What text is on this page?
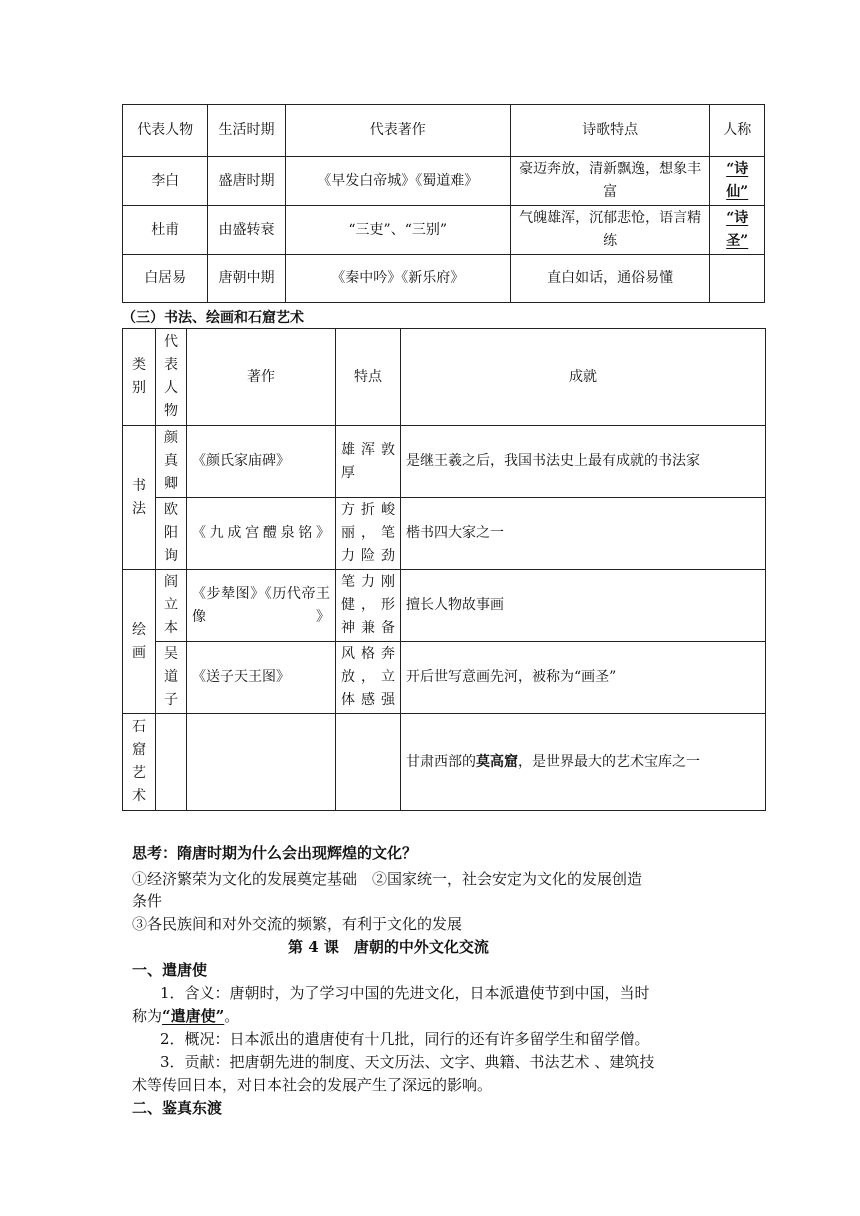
代表人物	生活时期	代表著作	诗歌特点	人称
李白	盛唐时期	《早发白帝城》《蜀道难》	豪迈奔放，清新飘逸，想象丰富	“诗仙”
杜甫	由盛转衰	“三吏”、“三别”	气魄雄浑，沉郁悲怆，语言精练	“诗圣”
白居易	唐朝中期	《秦中吟》《新乐府》	直白如话，通俗易懂	
（三）书法、绘画和石窟艺术
类别	代表人物	著作	特点	成就
书法	颜真卿	《颜氏家庙碑》	雄浑敦厚	是继王羲之后，我国书法史上最有成就的书法家
	欧阳询	《九成宫醴泉铭》	方折峻丽，笔力险劲	楷书四大家之一
绘画	阎立本	《步辇图》《历代帝王像》	笔力刚健，形神兼备	擅长人物故事画
	吴道子	《送子天王图》	风格奔放，立体感强	开后世写意画先河，被称为“画圣”
石窟艺术				甘肃西部的莫高窟，是世界最大的艺术宝库之一
思考：隋唐时期为什么会出现辉煌的文化？
①经济繁荣为文化的发展奠定基础　②国家统一，社会安定为文化的发展创造
条件
③各民族间和对外交流的频繁，有利于文化的发展
第 4 课　唐朝的中外文化交流
一、遣唐使
1．含义：唐朝时，为了学习中国的先进文化，日本派遣使节到中国，当时
称为“遣唐使”。
2．概况：日本派出的遣唐使有十几批，同行的还有许多留学生和留学僧。
3．贡献：把唐朝先进的制度、天文历法、文字、典籍、书法艺术 、建筑技
术等传回日本，对日本社会的发展产生了深远的影响。
二、鉴真东渡
